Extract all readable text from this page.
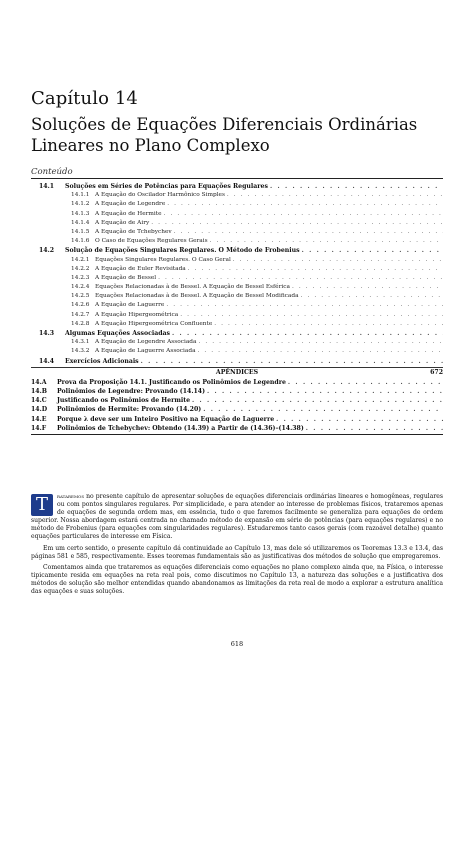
Capítulo 14
Soluções de Equações Diferenciais Ordinárias Lineares no Plano Complexo
Conteúdo
14.1	Soluções em Séries de Potências para Equações Regulares
. . .
14.1.1 A Equação do Oscilador Harmônico Simples
. . .
14.1.2 A Equação de Legendre
. . .
14.1.3 A Equação de Hermite
. . .
14.1.4 A Equação de Airy
. . .
14.1.5 A Equação de Tchebychev
. . .
14.1.6 O Caso de Equações Regulares Gerais
. . .
14.2	Solução de Equações Singulares Regulares. O Método de Frobenius
. . .
14.2.1 Equações Singulares Regulares. O Caso Geral
. . .
14.2.2 A Equação de Euler Revisitada
. . .
14.2.3 A Equação de Bessel
. . .
14.2.4 Equações Relacionadas à de Bessel. A Equação de Bessel Esférica
. . .
14.2.5 Equações Relacionadas à de Bessel. A Equação de Bessel Modificada
. . .
14.2.6 A Equação de Laguerre
. . .
14.2.7 A Equação Hipergeométrica
. . .
14.2.8 A Equação Hipergeométrica Confluente
. . .
14.3	Algumas Equações Associadas
. . .
14.3.1 A Equação de Legendre Associada
. . .
14.3.2 A Equação de Laguerre Associada
. . .
14.4	Exercícios Adicionais
. . .
APÊNDICES	672
14.A	Prova da Proposição 14.1. Justificando os Polinômios de Legendre
. . .
14.B	Polinômios de Legendre: Provando (14.14)
. . .
14.C	Justificando os Polinômios de Hermite
. . .
14.D	Polinômios de Hermite: Provando (14.20)
. . .
14.E	Porque λ deve ser um Inteiro Positivo na Equação de Laguerre
. . .
14.F	Polinômios de Tchebychev: Obtendo (14.39) a Partir de (14.36)–(14.38)
. . .

T	rataremos no presente capítulo de apresentar soluções de equações diferenciais ordinárias lineares e homogêneas, regulares ou com pontos singulares regulares. Por simplicidade, e para atender ao interesse de problemas físicos, trataremos apenas de equações de segunda ordem mas, em essência, tudo o que faremos facilmente se generaliza para equações de ordem superior. Nossa abordagem estará centrada no chamado método de expansão em série de potências (para equações regulares) e no método de Frobenius (para equações com singularidades regulares). Estudaremos tanto casos gerais (com razoável detalhe) quanto equações particulares de interesse em Física.

Em um certo sentido, o presente capítulo dá continuidade ao Capítulo 13, mas dele só utilizaremos os Teoremas 13.3 e 13.4, das páginas 581 e 585, respectivamente. Esses teoremas fundamentais são as justificativas dos métodos de solução que empregaremos.

Comentamos ainda que trataremos as equações diferenciais como equações no plano complexo ainda que, na Física, o interesse tipicamente resida em equações na reta real pois, como discutimos no Capítulo 13, a natureza das soluções e a justificativa dos métodos de solução são melhor entendidas quando abandonamos as limitações da reta real de modo a explorar a estrutura analítica das equações e suas soluções.

618
